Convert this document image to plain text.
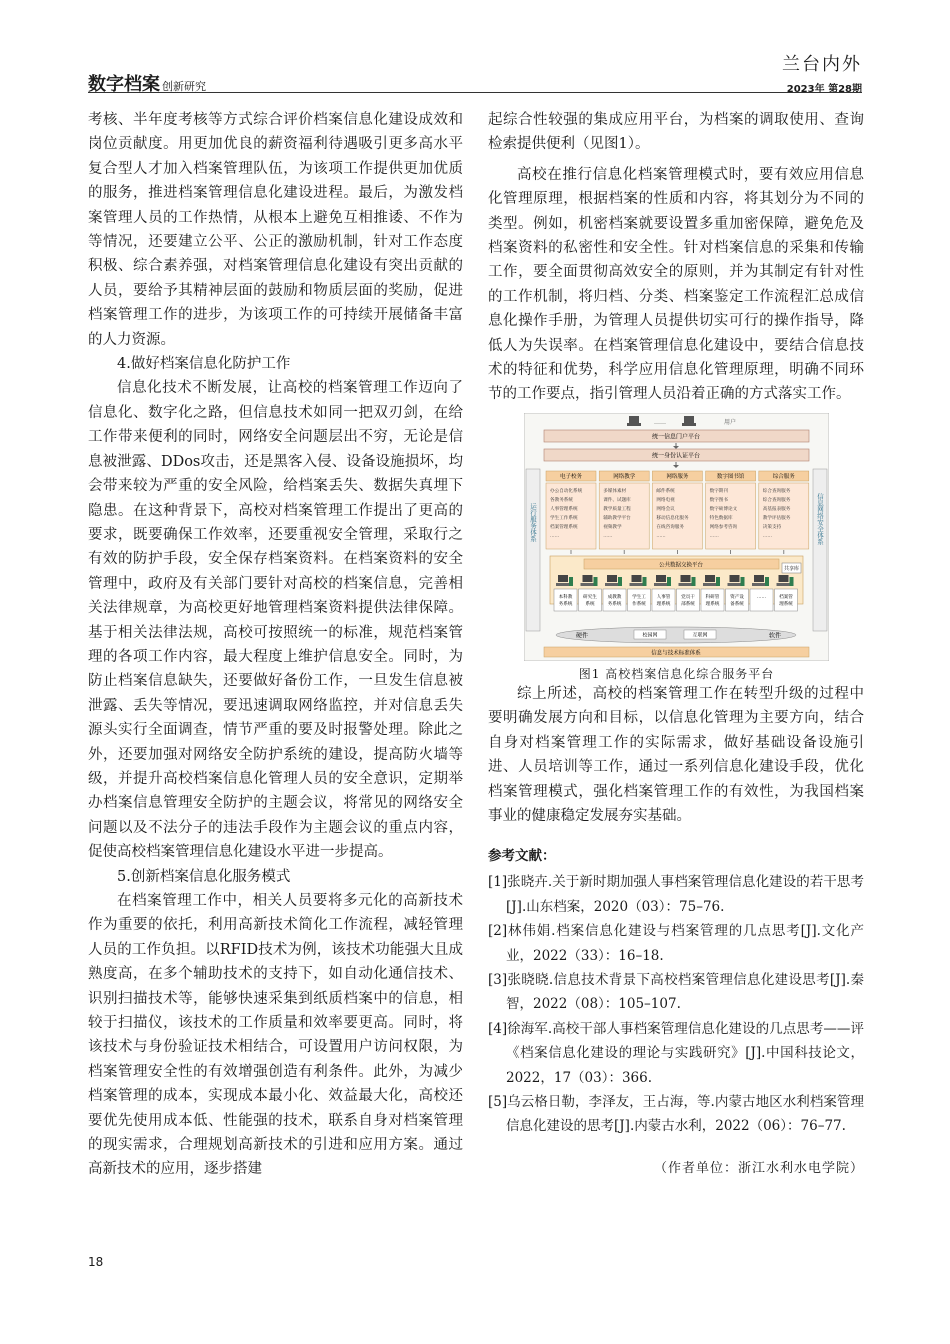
数字档案 创新研究
兰台内外
2023年 第28期

考核、半年度考核等方式综合评价档案信息化建设成效和岗位贡献度。用更加优良的薪资福利待遇吸引更多高水平复合型人才加入档案管理队伍，为该项工作提供更加优质的服务，推进档案管理信息化建设进程。最后，为激发档案管理人员的工作热情，从根本上避免互相推诿、不作为等情况，还要建立公平、公正的激励机制，针对工作态度积极、综合素养强，对档案管理信息化建设有突出贡献的人员，要给予其精神层面的鼓励和物质层面的奖励，促进档案管理工作的进步，为该项工作的可持续开展储备丰富的人力资源。

4.做好档案信息化防护工作

信息化技术不断发展，让高校的档案管理工作迈向了信息化、数字化之路，但信息技术如同一把双刃剑，在给工作带来便利的同时，网络安全问题层出不穷，无论是信息被泄露、DDos攻击，还是黑客入侵、设备设施损坏，均会带来较为严重的安全风险，给档案丢失、数据失真埋下隐患。在这种背景下，高校对档案管理工作提出了更高的要求，既要确保工作效率，还要重视安全管理，采取行之有效的防护手段，安全保存档案资料。在档案资料的安全管理中，政府及有关部门要针对高校的档案信息，完善相关法律规章，为高校更好地管理档案资料提供法律保障。基于相关法律法规，高校可按照统一的标准，规范档案管理的各项工作内容，最大程度上维护信息安全。同时，为防止档案信息缺失，还要做好备份工作，一旦发生信息被泄露、丢失等情况，要迅速调取网络监控，并对信息丢失源头实行全面调查，情节严重的要及时报警处理。除此之外，还要加强对网络安全防护系统的建设，提高防火墙等级，并提升高校档案信息化管理人员的安全意识，定期举办档案信息管理安全防护的主题会议，将常见的网络安全问题以及不法分子的违法手段作为主题会议的重点内容，促使高校档案管理信息化建设水平进一步提高。

5.创新档案信息化服务模式

在档案管理工作中，相关人员要将多元化的高新技术作为重要的依托，利用高新技术简化工作流程，减轻管理人员的工作负担。以RFID技术为例，该技术功能强大且成熟度高，在多个辅助技术的支持下，如自动化通信技术、识别扫描技术等，能够快速采集到纸质档案中的信息，相较于扫描仪，该技术的工作质量和效率要更高。同时，将该技术与身份验证技术相结合，可设置用户访问权限，为档案管理安全性的有效增强创造有利条件。此外，为减少档案管理的成本，实现成本最小化、效益最大化，高校还要优先使用成本低、性能强的技术，联系自身对档案管理的现实需求，合理规划高新技术的引进和应用方案。通过高新技术的应用，逐步搭建

起综合性较强的集成应用平台，为档案的调取使用、查询检索提供便利（见图1）。

高校在推行信息化档案管理模式时，要有效应用信息化管理原理，根据档案的性质和内容，将其划分为不同的类型。例如，机密档案就要设置多重加密保障，避免危及档案资料的私密性和安全性。针对档案信息的采集和传输工作，要全面贯彻高效安全的原则，并为其制定有针对性的工作机制，将归档、分类、档案鉴定工作流程汇总成信息化操作手册，为管理人员提供切实可行的操作指导，降低人为失误率。在档案管理信息化建设中，要结合信息技术的特征和优势，科学应用信息化管理原理，明确不同环节的工作要点，指引管理人员沿着正确的方式落实工作。

……	用户
统一信息门户平台
统一身份认证平台
运行服务体系	信息网络安全体系
电子校务
办公自动化系统
各教务系统
人事管理系统
学生工作系统
档案管理系统
……
网络教学
多媒体素材
课件、试题库
教学质量工程
辅助教学平台
视频教学
……
网络服务
邮件系统
网络电视
网络会议
移动信息化服务
在线咨询服务
……
数字图书馆
数字期刊
数字图书
数字硕博论文
特色数据库
网络参考咨询
……
综合服务
综合查询服务
综合查询服务
高基报表服务
教学评估服务
决策支持
……
公共数据交换平台
共享库
本科教
务系统
研究生
系统
成教教
务系统
学生工
作系统
人事管
理系统
党员干
部系统
科研管
理系统
资产设
备系统
……	档案管
理系统
硬件	软件
校园网	互联网
信息与技术标准体系
图1 高校档案信息化综合服务平台

综上所述，高校的档案管理工作在转型升级的过程中要明确发展方向和目标，以信息化管理为主要方向，结合自身对档案管理工作的实际需求，做好基础设备设施引进、人员培训等工作，通过一系列信息化建设手段，优化档案管理模式，强化档案管理工作的有效性，为我国档案事业的健康稳定发展夯实基础。

参考文献：
[1]张晓卉.关于新时期加强人事档案管理信息化建设的若干思考[J].山东档案，2020（03）：75–76.
[2]林伟娟.档案信息化建设与档案管理的几点思考[J].文化产业，2022（33）：16–18.
[3]张晓晓.信息技术背景下高校档案管理信息化建设思考[J].秦智，2022（08）：105–107.
[4]徐海军.高校干部人事档案管理信息化建设的几点思考——评《档案信息化建设的理论与实践研究》[J].中国科技论文，2022，17（03）：366.
[5]乌云格日勒，李泽友，王占海，等.内蒙古地区水利档案管理信息化建设的思考[J].内蒙古水利，2022（06）：76–77.
（作者单位：浙江水利水电学院）
18
